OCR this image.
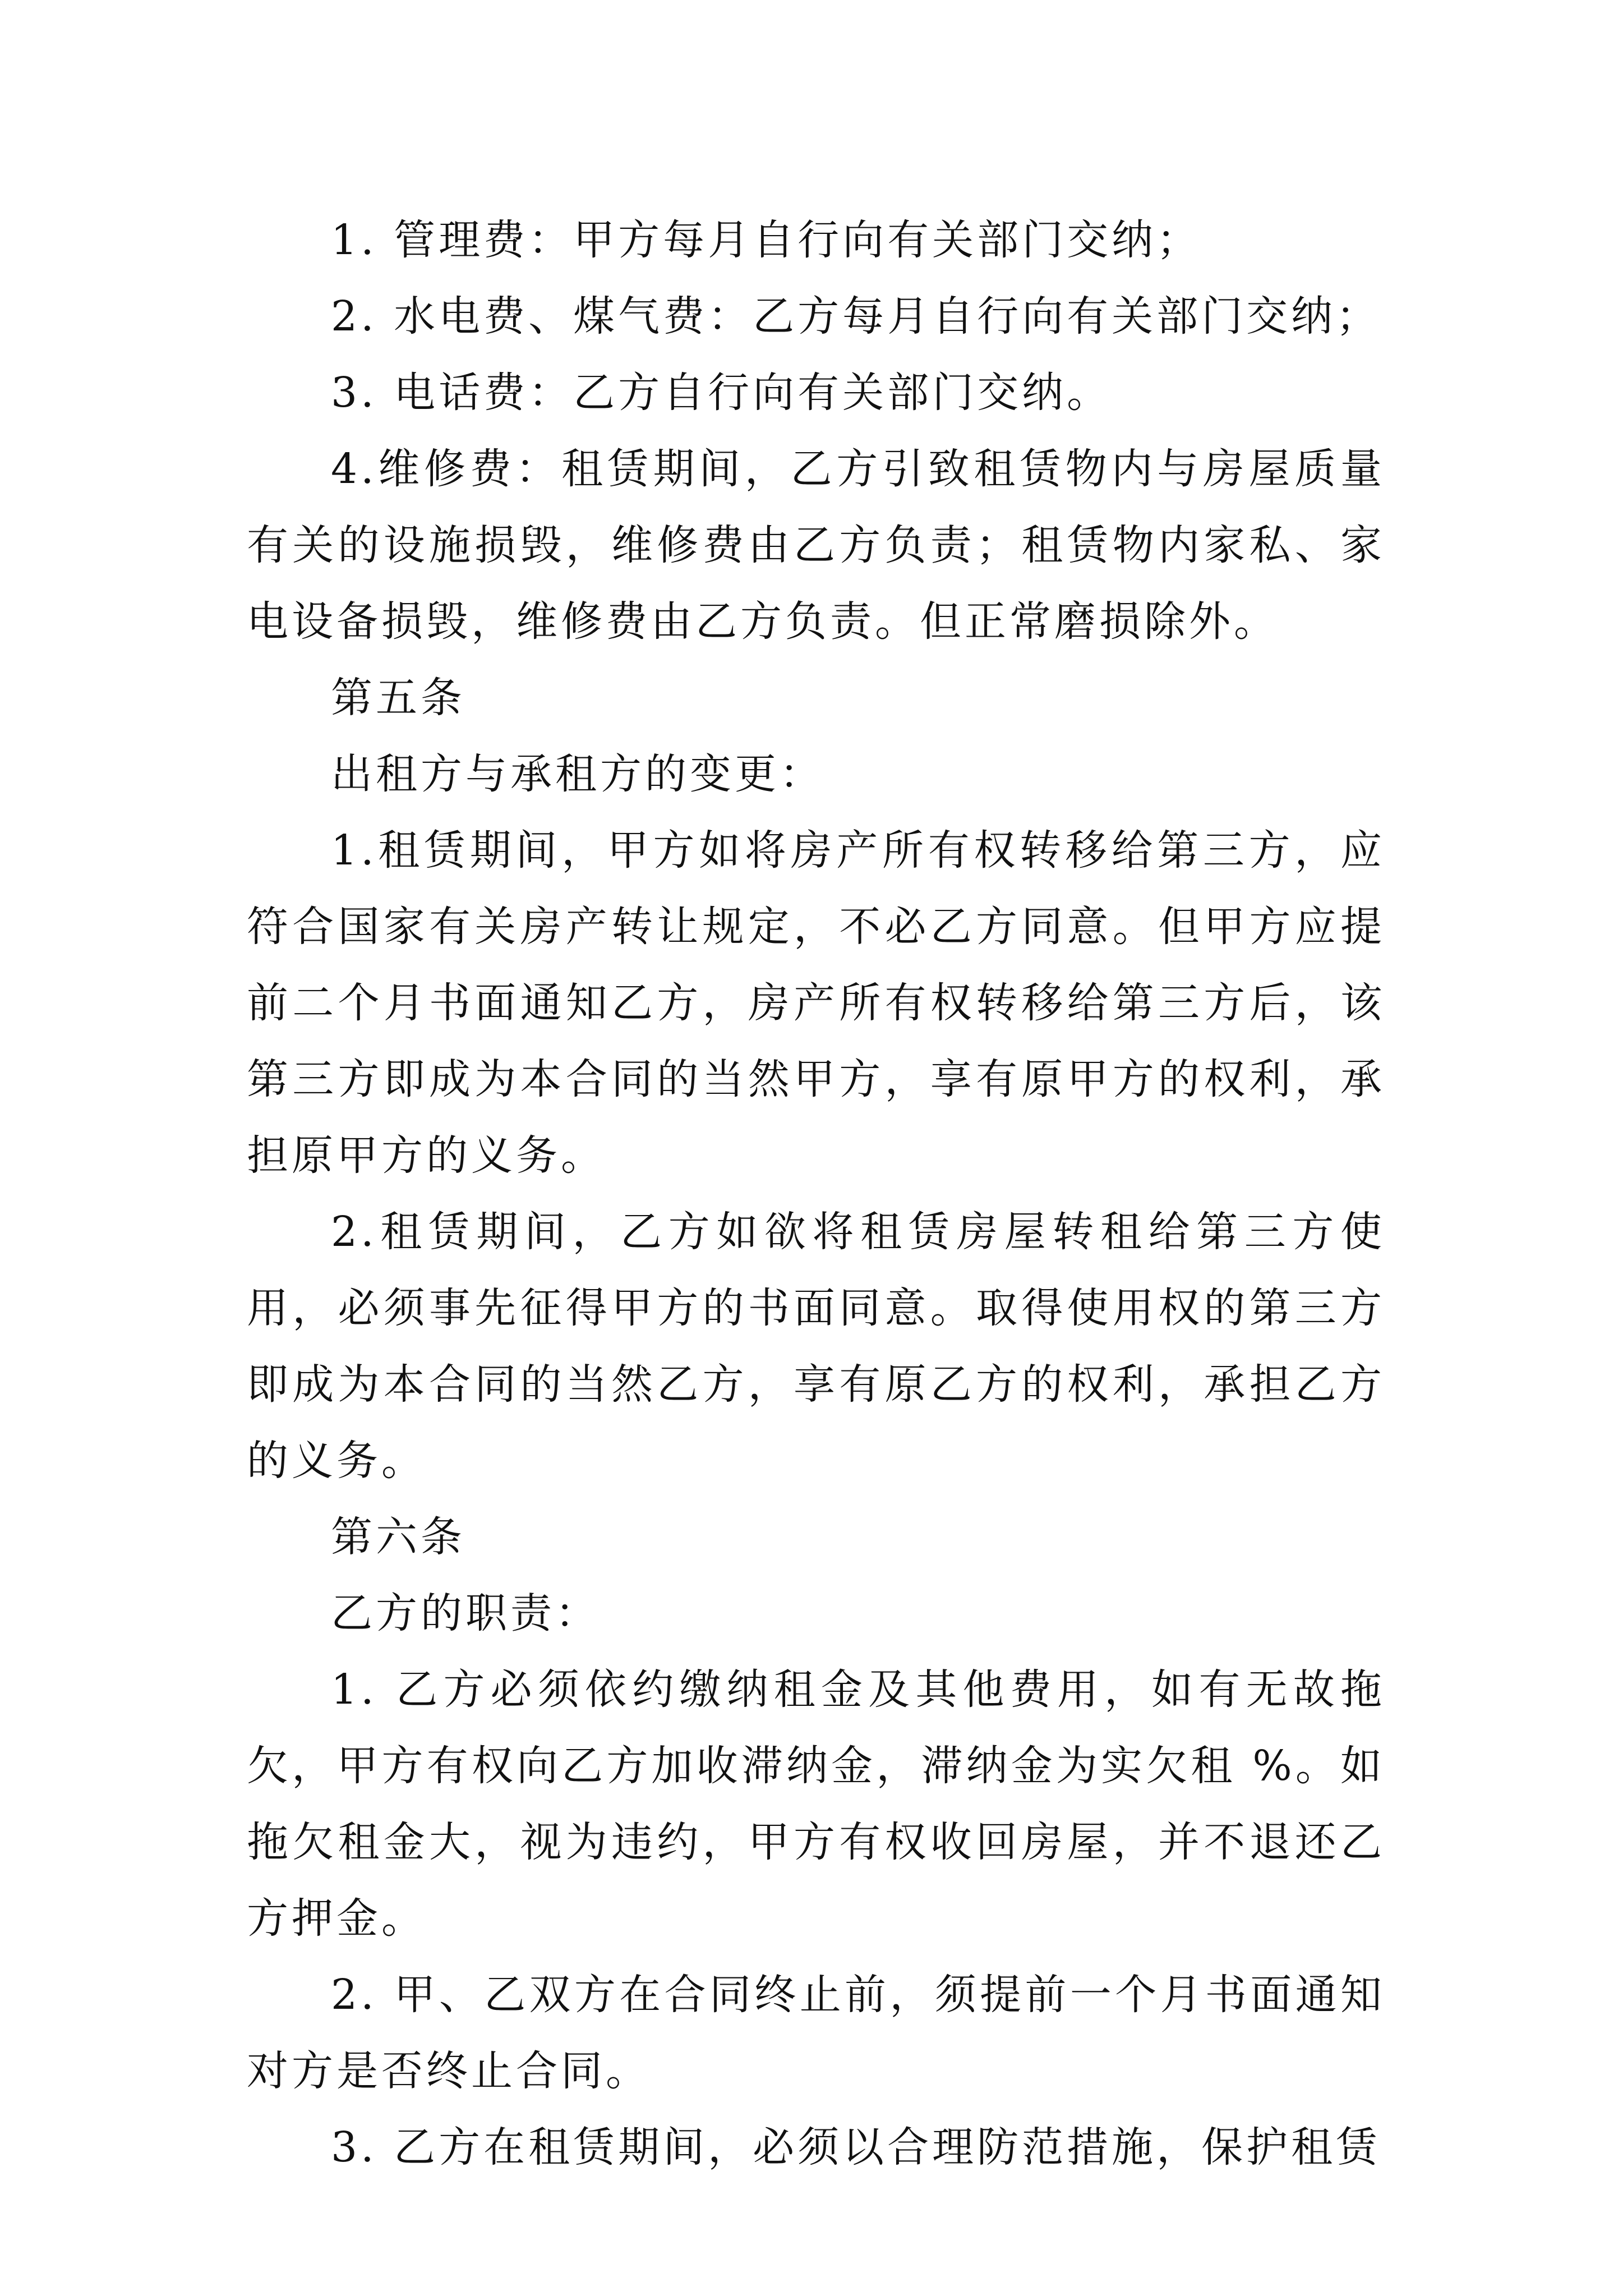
1. 管理费：甲方每月自行向有关部门交纳；

2. 水电费、煤气费：乙方每月自行向有关部门交纳；

3. 电话费：乙方自行向有关部门交纳。

4.维修费：租赁期间，乙方引致租赁物内与房屋质量有关的设施损毁，维修费由乙方负责；租赁物内家私、家电设备损毁，维修费由乙方负责。但正常磨损除外。

第五条

出租方与承租方的变更：

1.租赁期间，甲方如将房产所有权转移给第三方，应符合国家有关房产转让规定，不必乙方同意。但甲方应提前二个月书面通知乙方，房产所有权转移给第三方后，该第三方即成为本合同的当然甲方，享有原甲方的权利，承担原甲方的义务。

2.租赁期间，乙方如欲将租赁房屋转租给第三方使用，必须事先征得甲方的书面同意。取得使用权的第三方即成为本合同的当然乙方，享有原乙方的权利，承担乙方的义务。

第六条

乙方的职责：

1. 乙方必须依约缴纳租金及其他费用，如有无故拖欠，甲方有权向乙方加收滞纳金，滞纳金为实欠租 %。如拖欠租金大，视为违约，甲方有权收回房屋，并不退还乙方押金。

2. 甲、乙双方在合同终止前，须提前一个月书面通知对方是否终止合同。

3. 乙方在租赁期间，必须以合理防范措施，保护租赁
